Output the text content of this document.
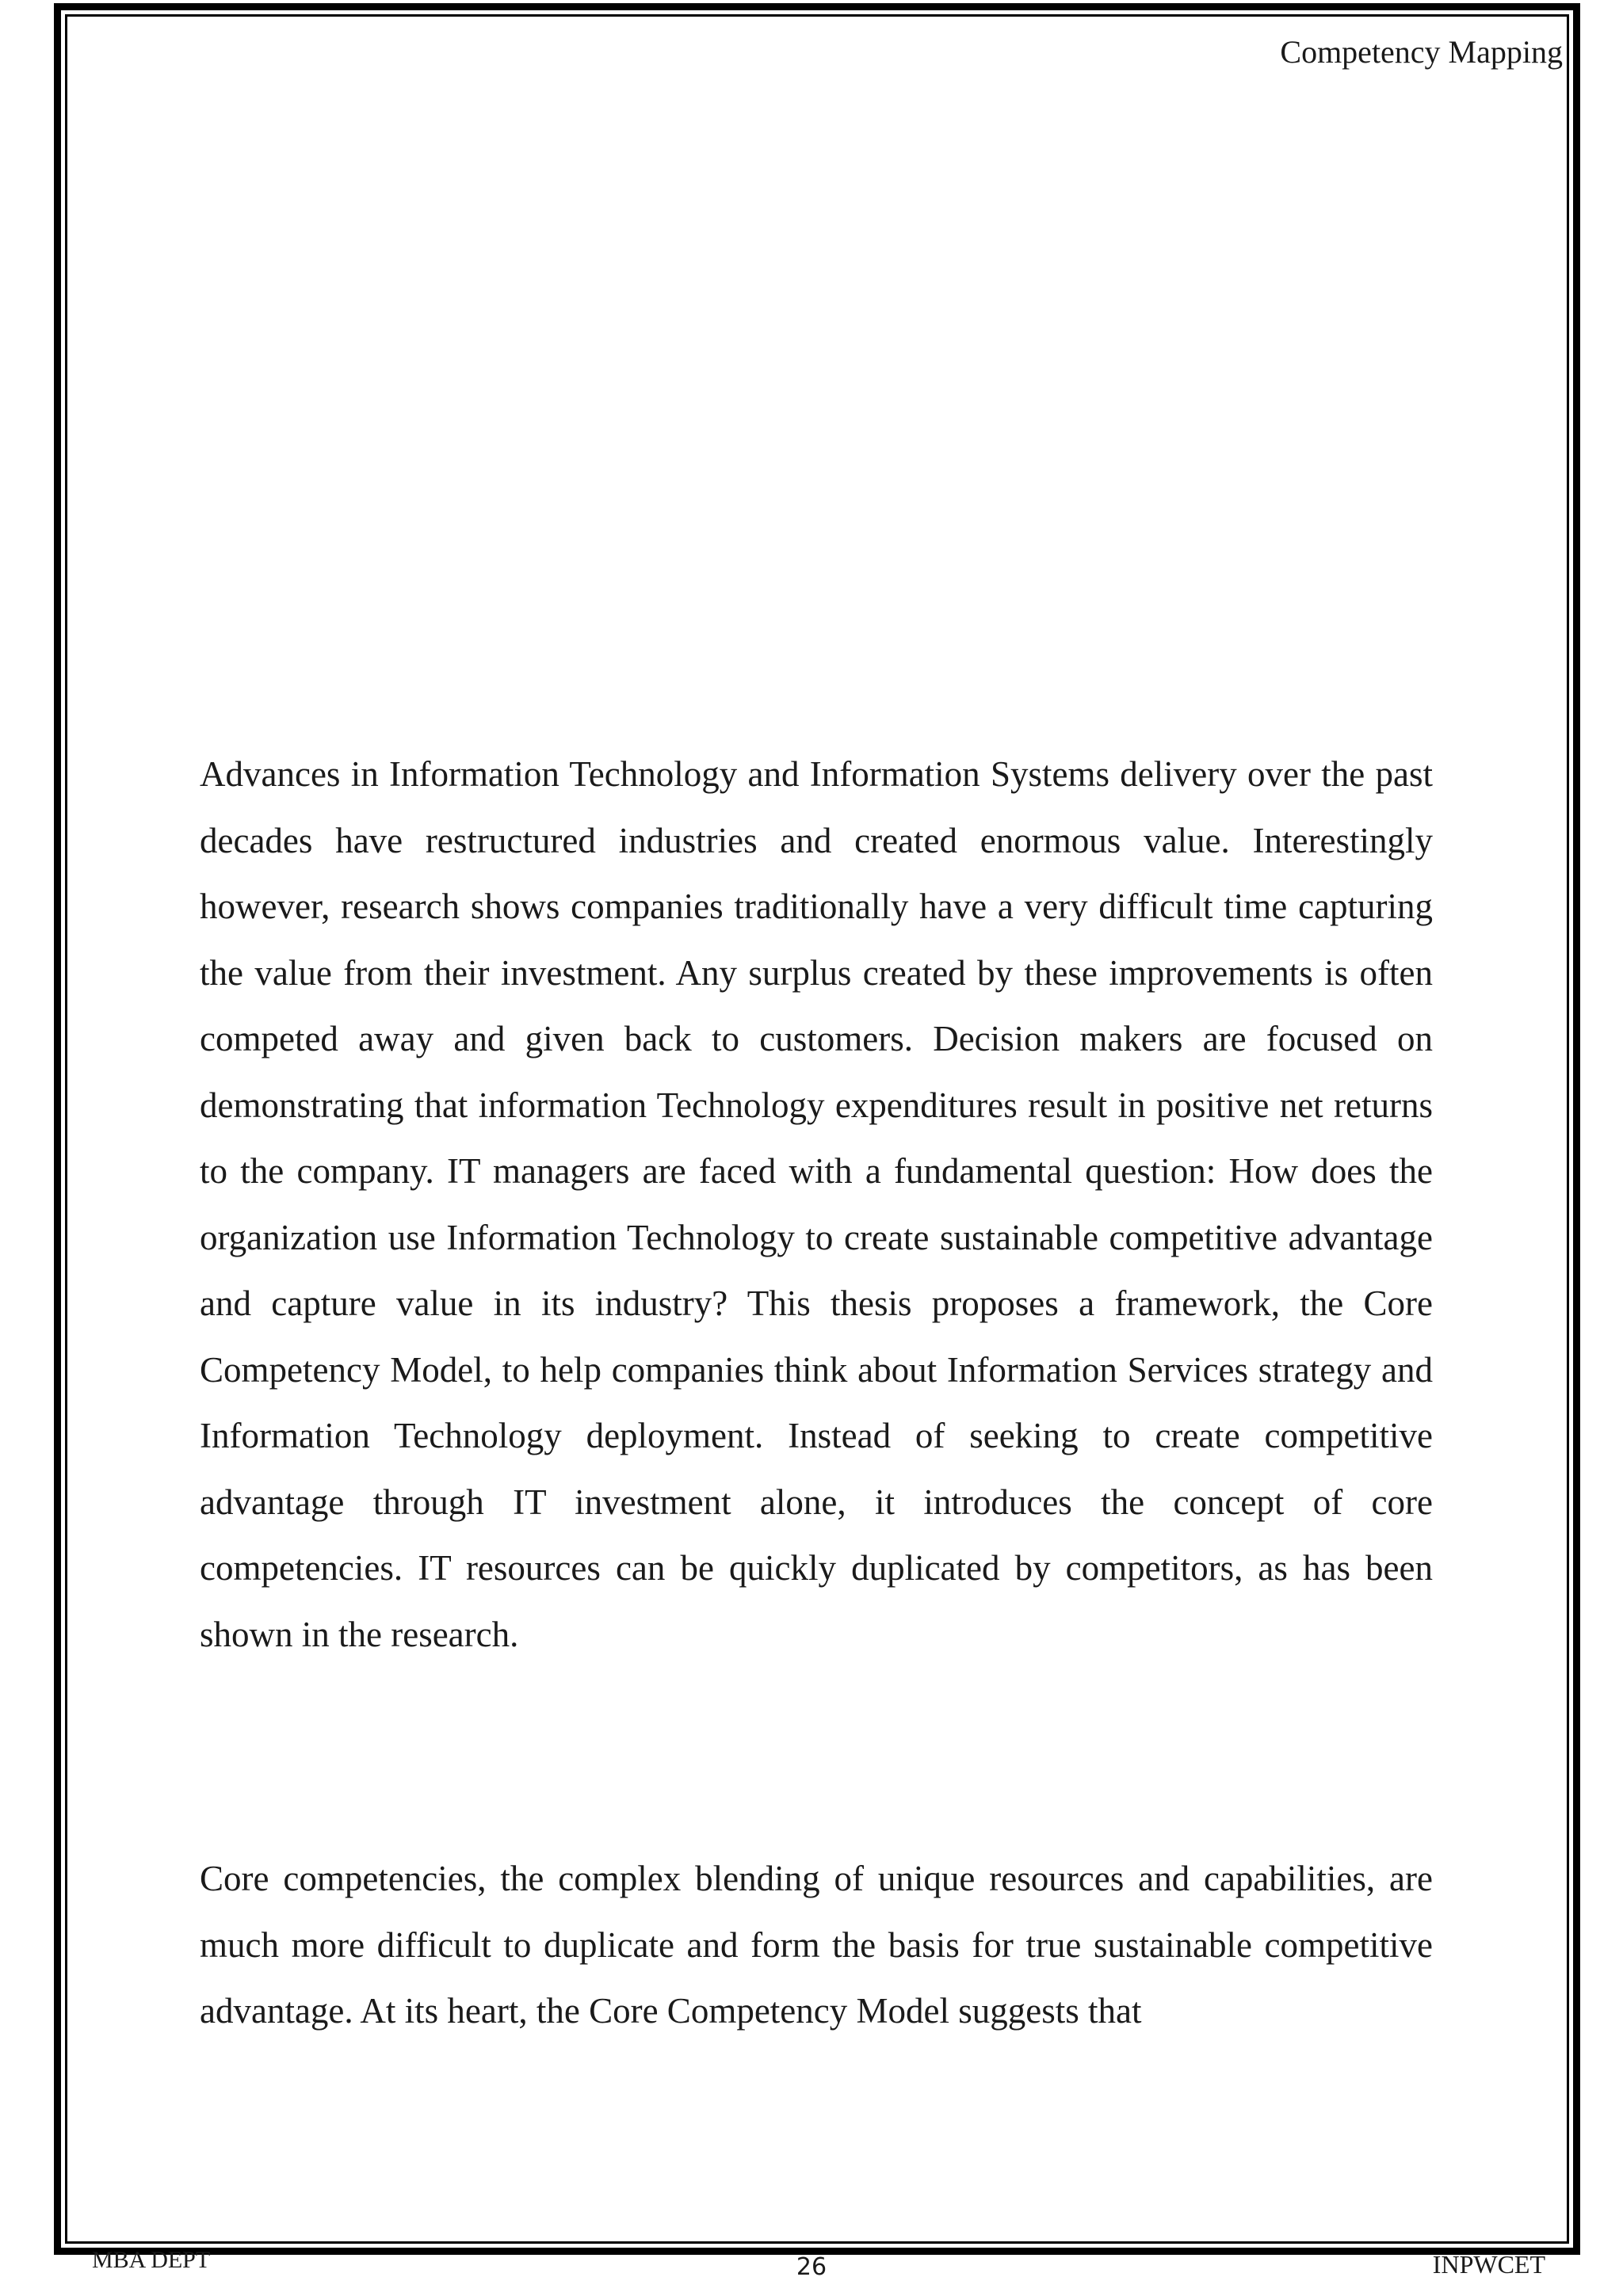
Competency Mapping

Advances in Information Technology and Information Systems delivery over the past decades have restructured industries and created enormous value. Interestingly however, research shows companies traditionally have a very difficult time capturing the value from their investment. Any surplus created by these improvements is often competed away and given back to customers. Decision makers are focused on demonstrating that information Technology expenditures result in positive net returns to the company. IT managers are faced with a fundamental question: How does the organization use Information Technology to create sustainable competitive advantage and capture value in its industry? This thesis proposes a framework, the Core Competency Model, to help companies think about Information Services strategy and Information Technology deployment. Instead of seeking to create competitive advantage through IT investment alone, it introduces the concept of core competencies. IT resources can be quickly duplicated by competitors, as has been shown in the research.

Core competencies, the complex blending of unique resources and capabilities, are much more difficult to duplicate and form the basis for true sustainable competitive advantage. At its heart, the Core Competency Model suggests that

MBA DEPT	26	INPWCET
